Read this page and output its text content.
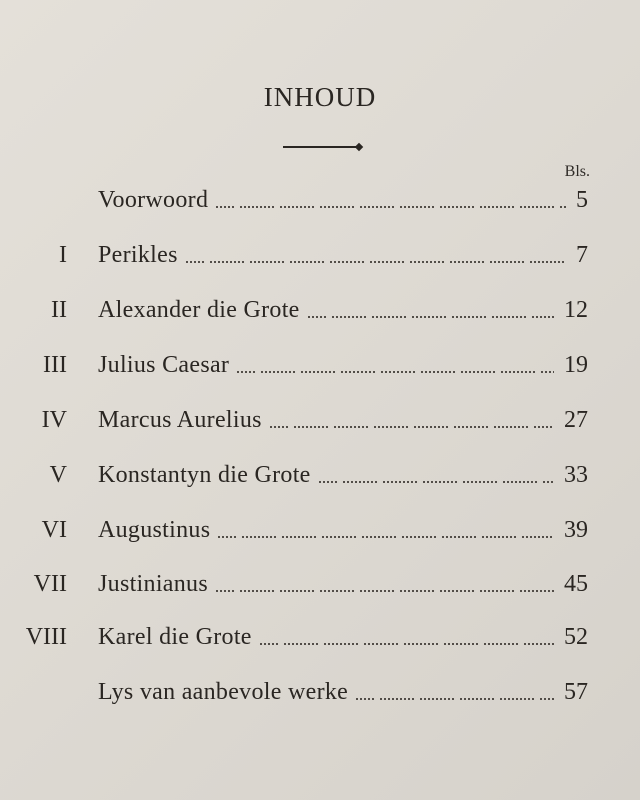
INHOUD
Bls.
Voorwoord	5
I Perikles	7
II Alexander die Grote	12
III Julius Caesar	19
IV Marcus Aurelius	27
V Konstantyn die Grote	33
VI Augustinus	39
VII Justinianus	45
VIII Karel die Grote	52
Lys van aanbevole werke	57
